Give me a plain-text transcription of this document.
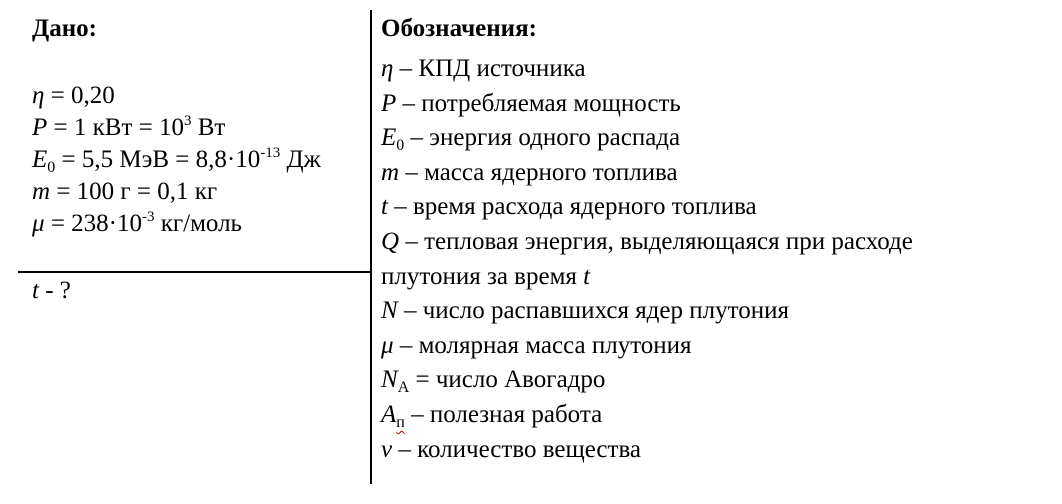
Дано:
η = 0,20
P = 1 кВт = $10^3$ Вт
$E_0 = 5,5$ МэВ = $8,8\cdot 10^{-13}$ Дж
m = 100 г = 0,1 кг
$\mu = 238\cdot 10^{-3}$ кг/моль
t - ?
Обозначения:
η – КПД источника
P – потребляемая мощность
$E_0$ – энергия одного распада
m – масса ядерного топлива
t – время расхода ядерного топлива
Q – тепловая энергия, выделяющаяся при расходе
плутония за время t
N – число распавшихся ядер плутония
μ – молярная масса плутония
$N_A$ = число Авогадро
$A_п$ – полезная работа
ν – количество вещества
